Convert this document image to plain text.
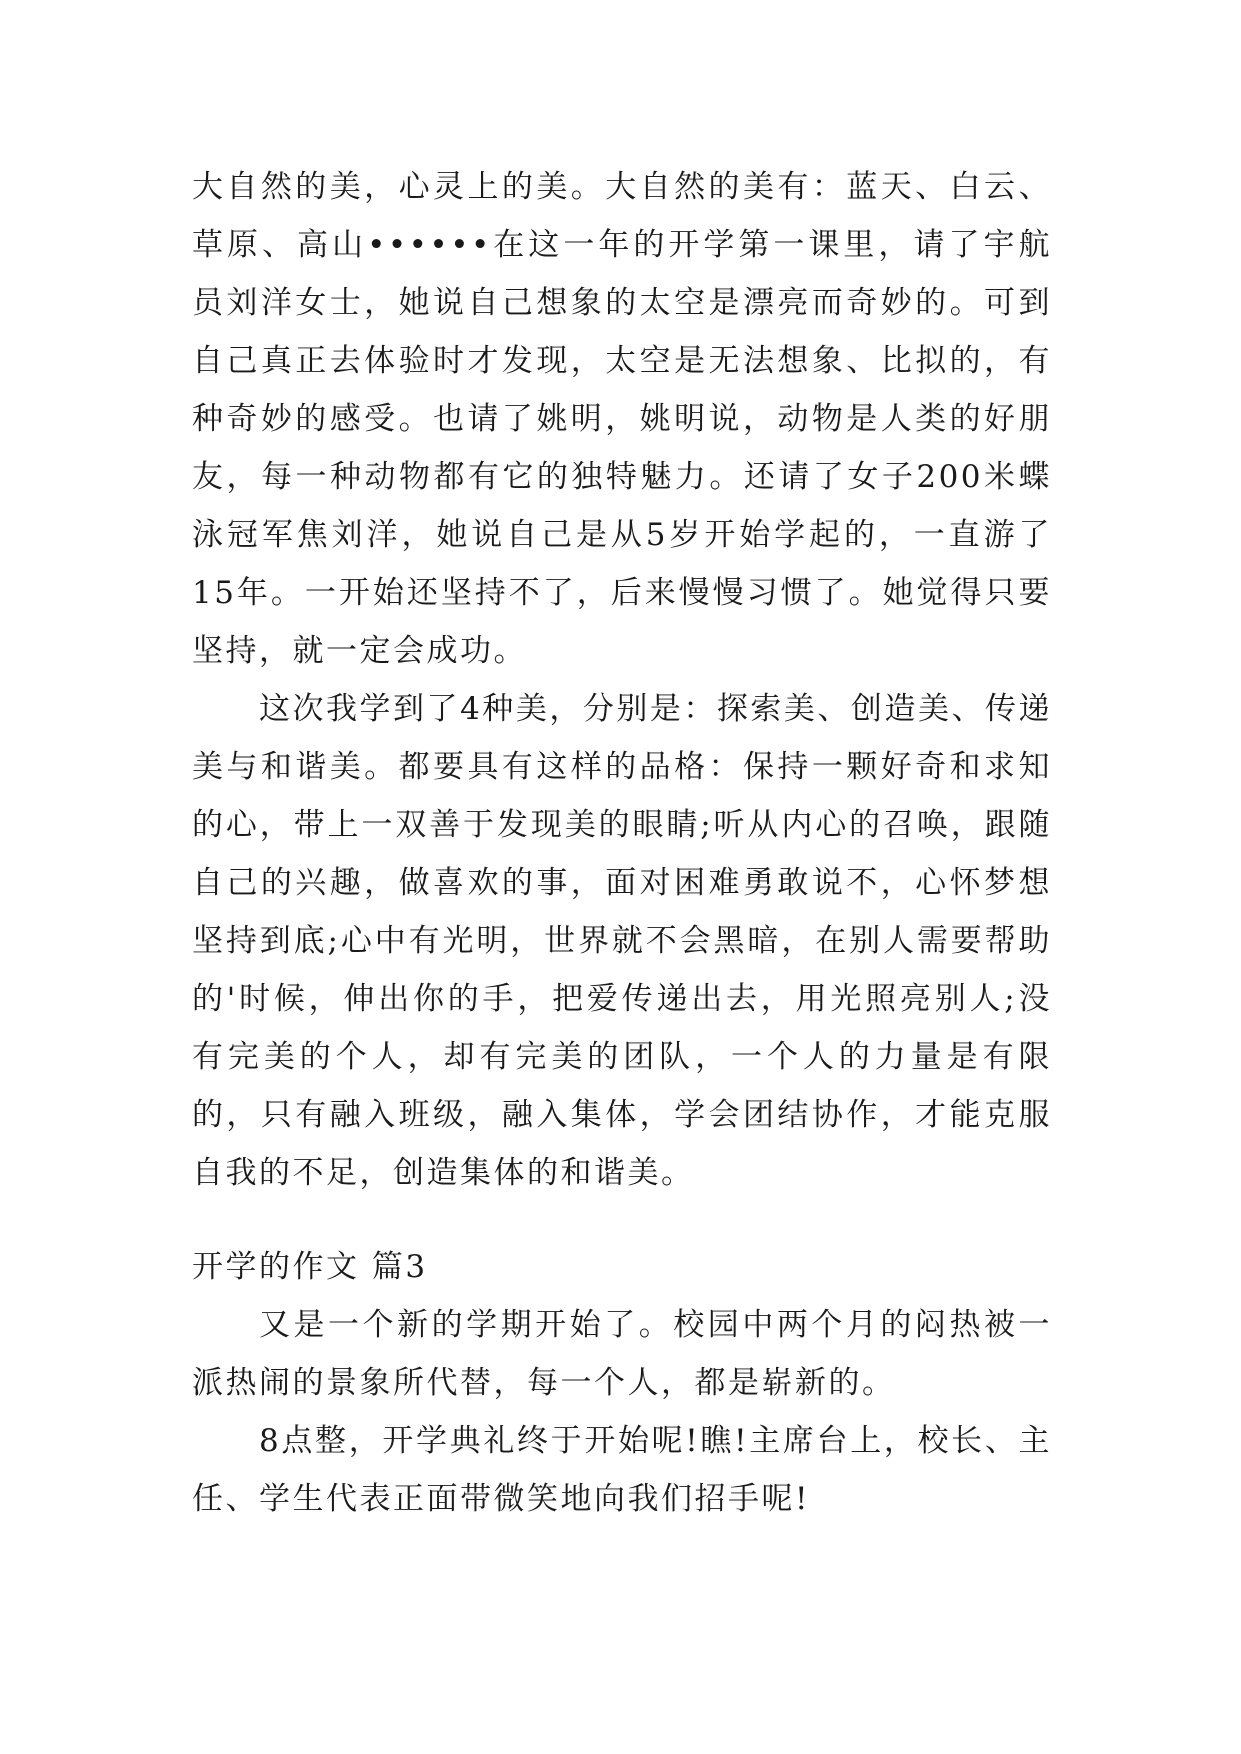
大自然的美，心灵上的美。大自然的美有：蓝天、白云、草原、高山••••••在这一年的开学第一课里，请了宇航员刘洋女士，她说自己想象的太空是漂亮而奇妙的。可到自己真正去体验时才发现，太空是无法想象、比拟的，有种奇妙的感受。也请了姚明，姚明说，动物是人类的好朋友，每一种动物都有它的独特魅力。还请了女子200米蝶泳冠军焦刘洋，她说自己是从5岁开始学起的，一直游了15年。一开始还坚持不了，后来慢慢习惯了。她觉得只要坚持，就一定会成功。

这次我学到了4种美，分别是：探索美、创造美、传递美与和谐美。都要具有这样的品格：保持一颗好奇和求知的心，带上一双善于发现美的眼睛;听从内心的召唤，跟随自己的兴趣，做喜欢的事，面对困难勇敢说不，心怀梦想坚持到底;心中有光明，世界就不会黑暗，在别人需要帮助的'时候，伸出你的手，把爱传递出去，用光照亮别人;没有完美的个人，却有完美的团队，一个人的力量是有限的，只有融入班级，融入集体，学会团结协作，才能克服自我的不足，创造集体的和谐美。

开学的作文 篇3

又是一个新的学期开始了。校园中两个月的闷热被一派热闹的景象所代替，每一个人，都是崭新的。

8点整，开学典礼终于开始呢!瞧!主席台上，校长、主任、学生代表正面带微笑地向我们招手呢!
